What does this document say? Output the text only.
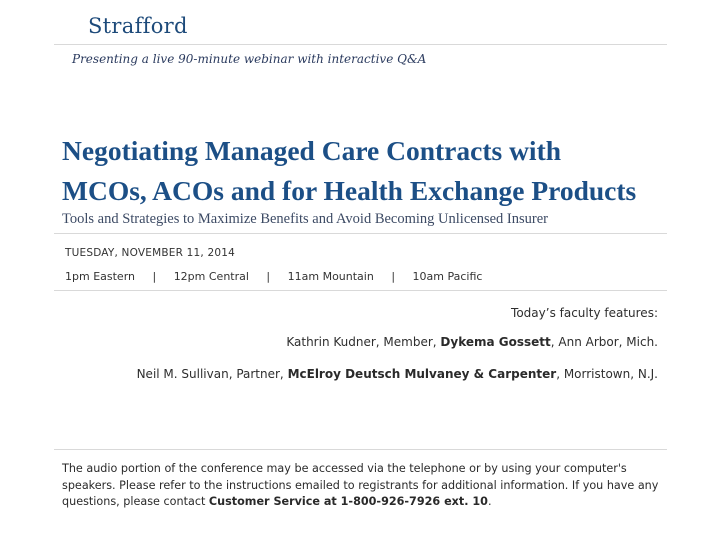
Strafford
Presenting a live 90-minute webinar with interactive Q&A
Negotiating Managed Care Contracts with
MCOs, ACOs and for Health Exchange Products
Tools and Strategies to Maximize Benefits and Avoid Becoming Unlicensed Insurer
TUESDAY, NOVEMBER 11, 2014
1pm Eastern | 12pm Central | 11am Mountain | 10am Pacific
Today’s faculty features:
Kathrin Kudner, Member, Dykema Gossett, Ann Arbor, Mich.
Neil M. Sullivan, Partner, McElroy Deutsch Mulvaney & Carpenter, Morristown, N.J.

The audio portion of the conference may be accessed via the telephone or by using your computer's speakers. Please refer to the instructions emailed to registrants for additional information. If you have any questions, please contact Customer Service at 1-800-926-7926 ext. 10.
